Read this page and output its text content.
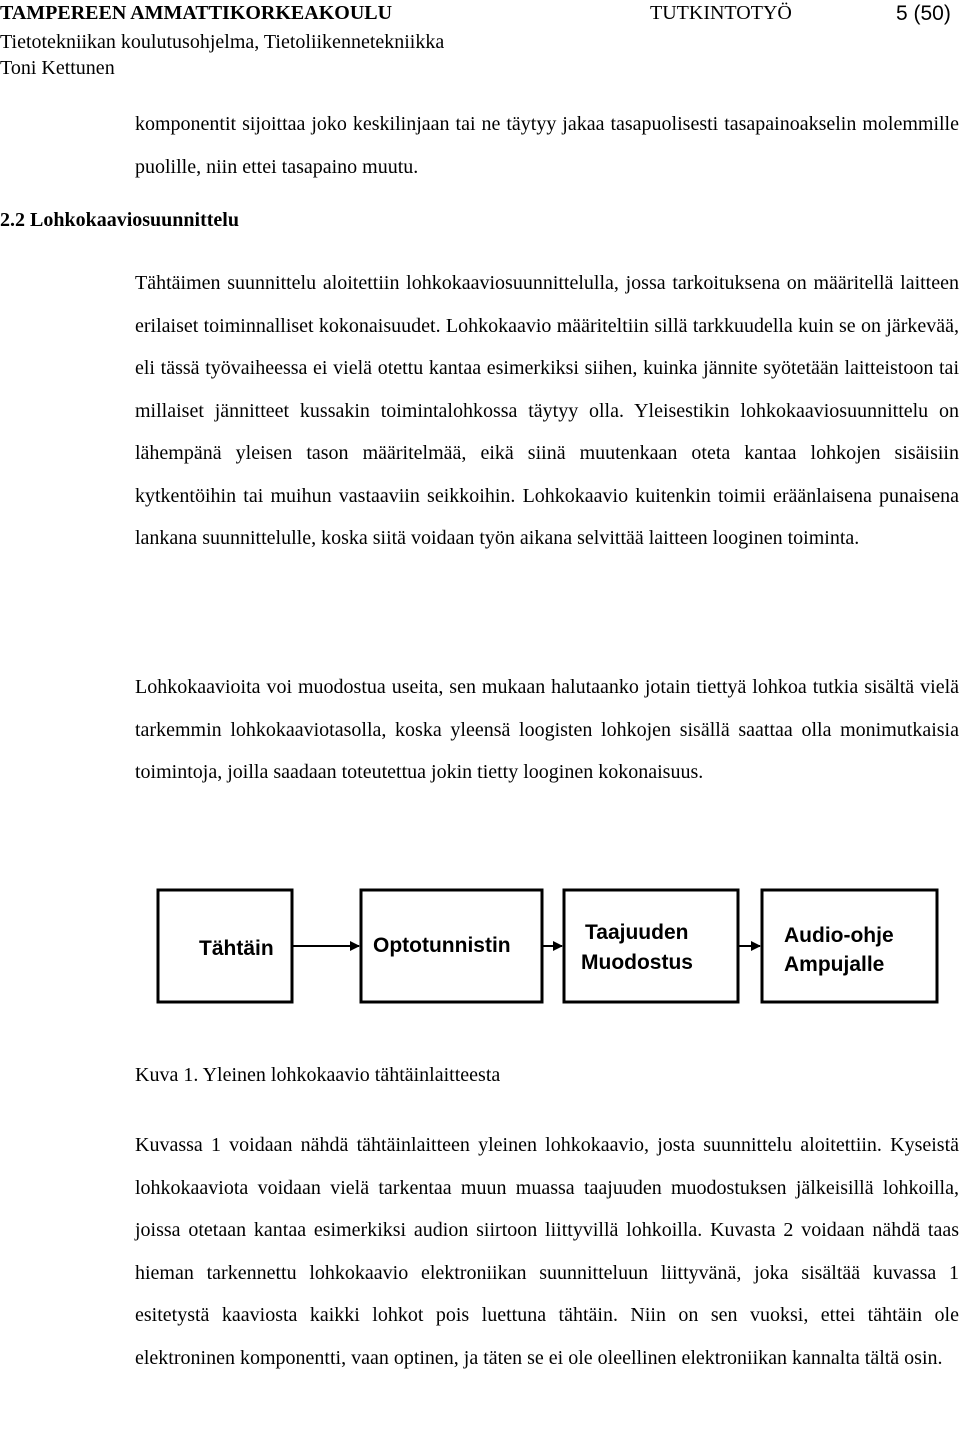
TAMPEREEN AMMATTIKORKEAKOULU	TUTKINTOTYÖ	5 (50)
Tietotekniikan koulutusohjelma, Tietoliikennetekniikka
Toni Kettunen

komponentit sijoittaa joko keskilinjaan tai ne täytyy jakaa tasapuolisesti tasapainoakselin molemmille puolille, niin ettei tasapaino muutu.

2.2 Lohkokaaviosuunnittelu

Tähtäimen suunnittelu aloitettiin lohkokaaviosuunnittelulla, jossa tarkoituksena on määritellä laitteen erilaiset toiminnalliset kokonaisuudet. Lohkokaavio määriteltiin sillä tarkkuudella kuin se on järkevää, eli tässä työvaiheessa ei vielä otettu kantaa esimerkiksi siihen, kuinka jännite syötetään laitteistoon tai millaiset jännitteet kussakin toimintalohkossa täytyy olla. Yleisestikin lohkokaaviosuunnittelu on lähempänä yleisen tason määritelmää, eikä siinä muutenkaan oteta kantaa lohkojen sisäisiin kytkentöihin tai muihun vastaaviin seikkoihin. Lohkokaavio kuitenkin toimii eräänlaisena punaisena lankana suunnittelulle, koska siitä voidaan työn aikana selvittää laitteen looginen toiminta.

Lohkokaavioita voi muodostua useita, sen mukaan halutaanko jotain tiettyä lohkoa tutkia sisältä vielä tarkemmin lohkokaaviotasolla, koska yleensä loogisten lohkojen sisällä saattaa olla monimutkaisia toimintoja, joilla saadaan toteutettua jokin tietty looginen kokonaisuus.

Tähtäin	Optotunnistin
Taajuuden
Muodostus
Audio-ohje
Ampujalle

Kuva 1. Yleinen lohkokaavio tähtäinlaitteesta

Kuvassa 1 voidaan nähdä tähtäinlaitteen yleinen lohkokaavio, josta suunnittelu aloitettiin. Kyseistä lohkokaaviota voidaan vielä tarkentaa muun muassa taajuuden muodostuksen jälkeisillä lohkoilla, joissa otetaan kantaa esimerkiksi audion siirtoon liittyvillä lohkoilla. Kuvasta 2 voidaan nähdä taas hieman tarkennettu lohkokaavio elektroniikan suunnitteluun liittyvänä, joka sisältää kuvassa 1 esitetystä kaaviosta kaikki lohkot pois luettuna tähtäin. Niin on sen vuoksi, ettei tähtäin ole elektroninen komponentti, vaan optinen, ja täten se ei ole oleellinen elektroniikan kannalta tältä osin.
